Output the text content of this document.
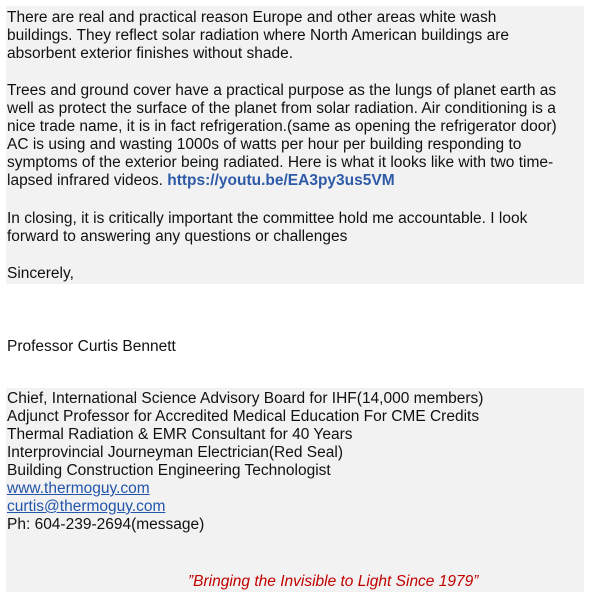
There are real and practical reason Europe and other areas white wash
buildings. They reflect solar radiation where North American buildings are
absorbent exterior finishes without shade.

Trees and ground cover have a practical purpose as the lungs of planet earth as
well as protect the surface of the planet from solar radiation. Air conditioning is a
nice trade name, it is in fact refrigeration.(same as opening the refrigerator door)
AC is using and wasting 1000s of watts per hour per building responding to
symptoms of the exterior being radiated. Here is what it looks like with two time-
lapsed infrared videos. https://youtu.be/EA3py3us5VM

In closing, it is critically important the committee hold me accountable. I look
forward to answering any questions or challenges

Sincerely,

Professor Curtis Bennett

Chief, International Science Advisory Board for IHF(14,000 members)
Adjunct Professor for Accredited Medical Education For CME Credits
Thermal Radiation & EMR Consultant for 40 Years
Interprovincial Journeyman Electrician(Red Seal)
Building Construction Engineering Technologist
www.thermoguy.com
curtis@thermoguy.com
Ph: 604-239-2694(message)
”Bringing the Invisible to Light Since 1979”
